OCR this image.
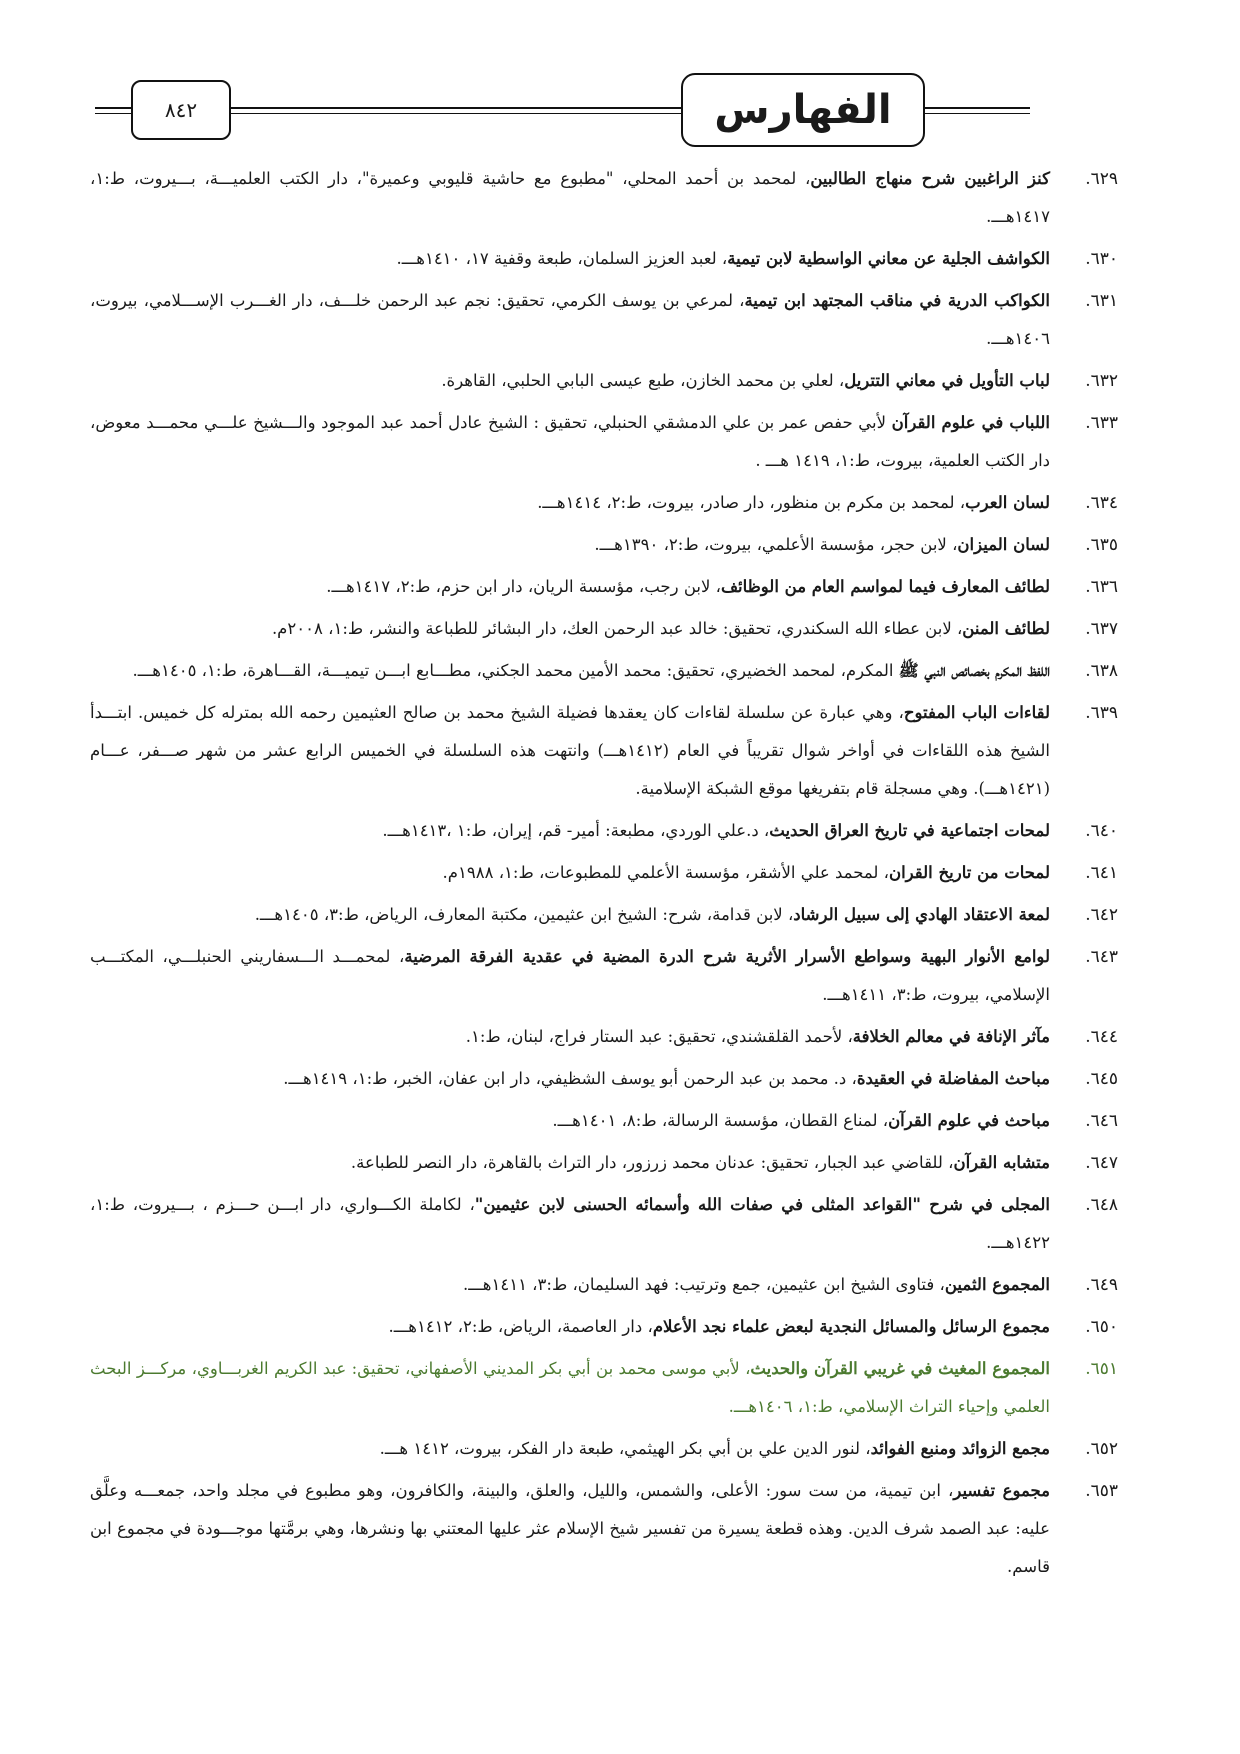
الفهارس
٨٤٢
٦٢٩.
كنز الراغبين شرح منهاج الطالبين، لمحمد بن أحمد المحلي، "مطبوع مع حاشية قليوبي وعميرة"، دار الكتب العلميـــة، بـــيروت، ط:١، ١٤١٧هـــ.
٦٣٠.
الكواشف الجلية عن معاني الواسطية لابن تيمية، لعبد العزيز السلمان، طبعة وقفية ١٧، ١٤١٠هـــ.
٦٣١.
الكواكب الدرية في مناقب المجتهد ابن تيمية، لمرعي بن يوسف الكرمي، تحقيق: نجم عبد الرحمن خلـــف، دار الغـــرب الإســـلامي، بيروت، ١٤٠٦هـــ.
٦٣٢.
لباب التأويل في معاني التتريل، لعلي بن محمد الخازن، طبع عيسى البابي الحلبي، القاهرة.
٦٣٣.
اللباب في علوم القرآن لأبي حفص عمر بن علي الدمشقي الحنبلي، تحقيق : الشيخ عادل أحمد عبد الموجود والـــشيخ علـــي محمـــد معوض، دار الكتب العلمية، بيروت، ط:١، ١٤١٩ هـــ .
٦٣٤.
لسان العرب، لمحمد بن مكرم بن منظور، دار صادر، بيروت، ط:٢، ١٤١٤هـــ.
٦٣٥.
لسان الميزان، لابن حجر، مؤسسة الأعلمي، بيروت، ط:٢، ١٣٩٠هـــ.
٦٣٦.
لطائف المعارف فيما لمواسم العام من الوظائف، لابن رجب، مؤسسة الريان، دار ابن حزم، ط:٢، ١٤١٧هـــ.
٦٣٧.
لطائف المنن، لابن عطاء الله السكندري، تحقيق: خالد عبد الرحمن العك، دار البشائر للطباعة والنشر، ط:١، ٢٠٠٨م.
٦٣٨.
اللفظ المكرم بخصائص النبي ﷺ المكرم، لمحمد الخضيري، تحقيق: محمد الأمين محمد الجكني، مطـــابع ابـــن تيميـــة، القـــاهرة، ط:١، ١٤٠٥هـــ.
٦٣٩.
لقاءات الباب المفتوح، وهي عبارة عن سلسلة لقاءات كان يعقدها فضيلة الشيخ محمد بن صالح العثيمين رحمه الله بمترله كل خميس. ابتـــدأ الشيخ هذه اللقاءات في أواخر شوال تقريباً في العام (١٤١٢هـــ) وانتهت هذه السلسلة في الخميس الرابع عشر من شهر صـــفر، عـــام (١٤٢١هـــ). وهي مسجلة قام بتفريغها موقع الشبكة الإسلامية.
٦٤٠.
لمحات اجتماعية في تاريخ العراق الحديث، د.علي الوردي، مطبعة: أمير- قم، إيران، ط:١ ،١٤١٣هـــ.
٦٤١.
لمحات من تاريخ القران، لمحمد علي الأشقر، مؤسسة الأعلمي للمطبوعات، ط:١، ١٩٨٨م.
٦٤٢.
لمعة الاعتقاد الهادي إلى سبيل الرشاد، لابن قدامة، شرح: الشيخ ابن عثيمين، مكتبة المعارف، الرياض، ط:٣، ١٤٠٥هـــ.
٦٤٣.
لوامع الأنوار البهية وسواطع الأسرار الأثرية شرح الدرة المضية في عقدية الفرقة المرضية، لمحمـــد الـــسفاريني الحنبلـــي، المكتـــب الإسلامي، بيروت، ط:٣، ١٤١١هـــ.
٦٤٤.
مآثر الإنافة في معالم الخلافة، لأحمد القلقشندي، تحقيق: عبد الستار فراج، لبنان، ط:١.
٦٤٥.
مباحث المفاضلة في العقيدة، د. محمد بن عبد الرحمن أبو يوسف الشظيفي، دار ابن عفان، الخبر، ط:١، ١٤١٩هـــ.
٦٤٦.
مباحث في علوم القرآن، لمناع القطان، مؤسسة الرسالة، ط:٨، ١٤٠١هـــ.
٦٤٧.
متشابه القرآن، للقاضي عبد الجبار، تحقيق: عدنان محمد زرزور، دار التراث بالقاهرة، دار النصر للطباعة.
٦٤٨.
المجلى في شرح "القواعد المثلى في صفات الله وأسمائه الحسنى لابن عثيمين"، لكاملة الكـــواري، دار ابـــن حـــزم ، بـــيروت، ط:١، ١٤٢٢هـــ.
٦٤٩.
المجموع الثمين، فتاوى الشيخ ابن عثيمين، جمع وترتيب: فهد السليمان، ط:٣، ١٤١١هـــ.
٦٥٠.
مجموع الرسائل والمسائل النجدية لبعض علماء نجد الأعلام، دار العاصمة، الرياض، ط:٢، ١٤١٢هـــ.
٦٥١.
المجموع المغيث في غريبي القرآن والحديث، لأبي موسى محمد بن أبي بكر المديني الأصفهاني، تحقيق: عبد الكريم الغربـــاوي، مركـــز البحث العلمي وإحياء التراث الإسلامي، ط:١، ١٤٠٦هـــ.
٦٥٢.
مجمع الزوائد ومنبع الفوائد، لنور الدين علي بن أبي بكر الهيثمي، طبعة دار الفكر، بيروت، ١٤١٢ هـــ.
٦٥٣.
مجموع تفسير، ابن تيمية، من ست سور: الأعلى، والشمس، والليل، والعلق، والبينة، والكافرون، وهو مطبوع في مجلد واحد، جمعـــه وعلَّق عليه: عبد الصمد شرف الدين. وهذه قطعة يسيرة من تفسير شيخ الإسلام عثر عليها المعتني بها ونشرها، وهي برمَّتها موجـــودة في مجموع ابن قاسم.
